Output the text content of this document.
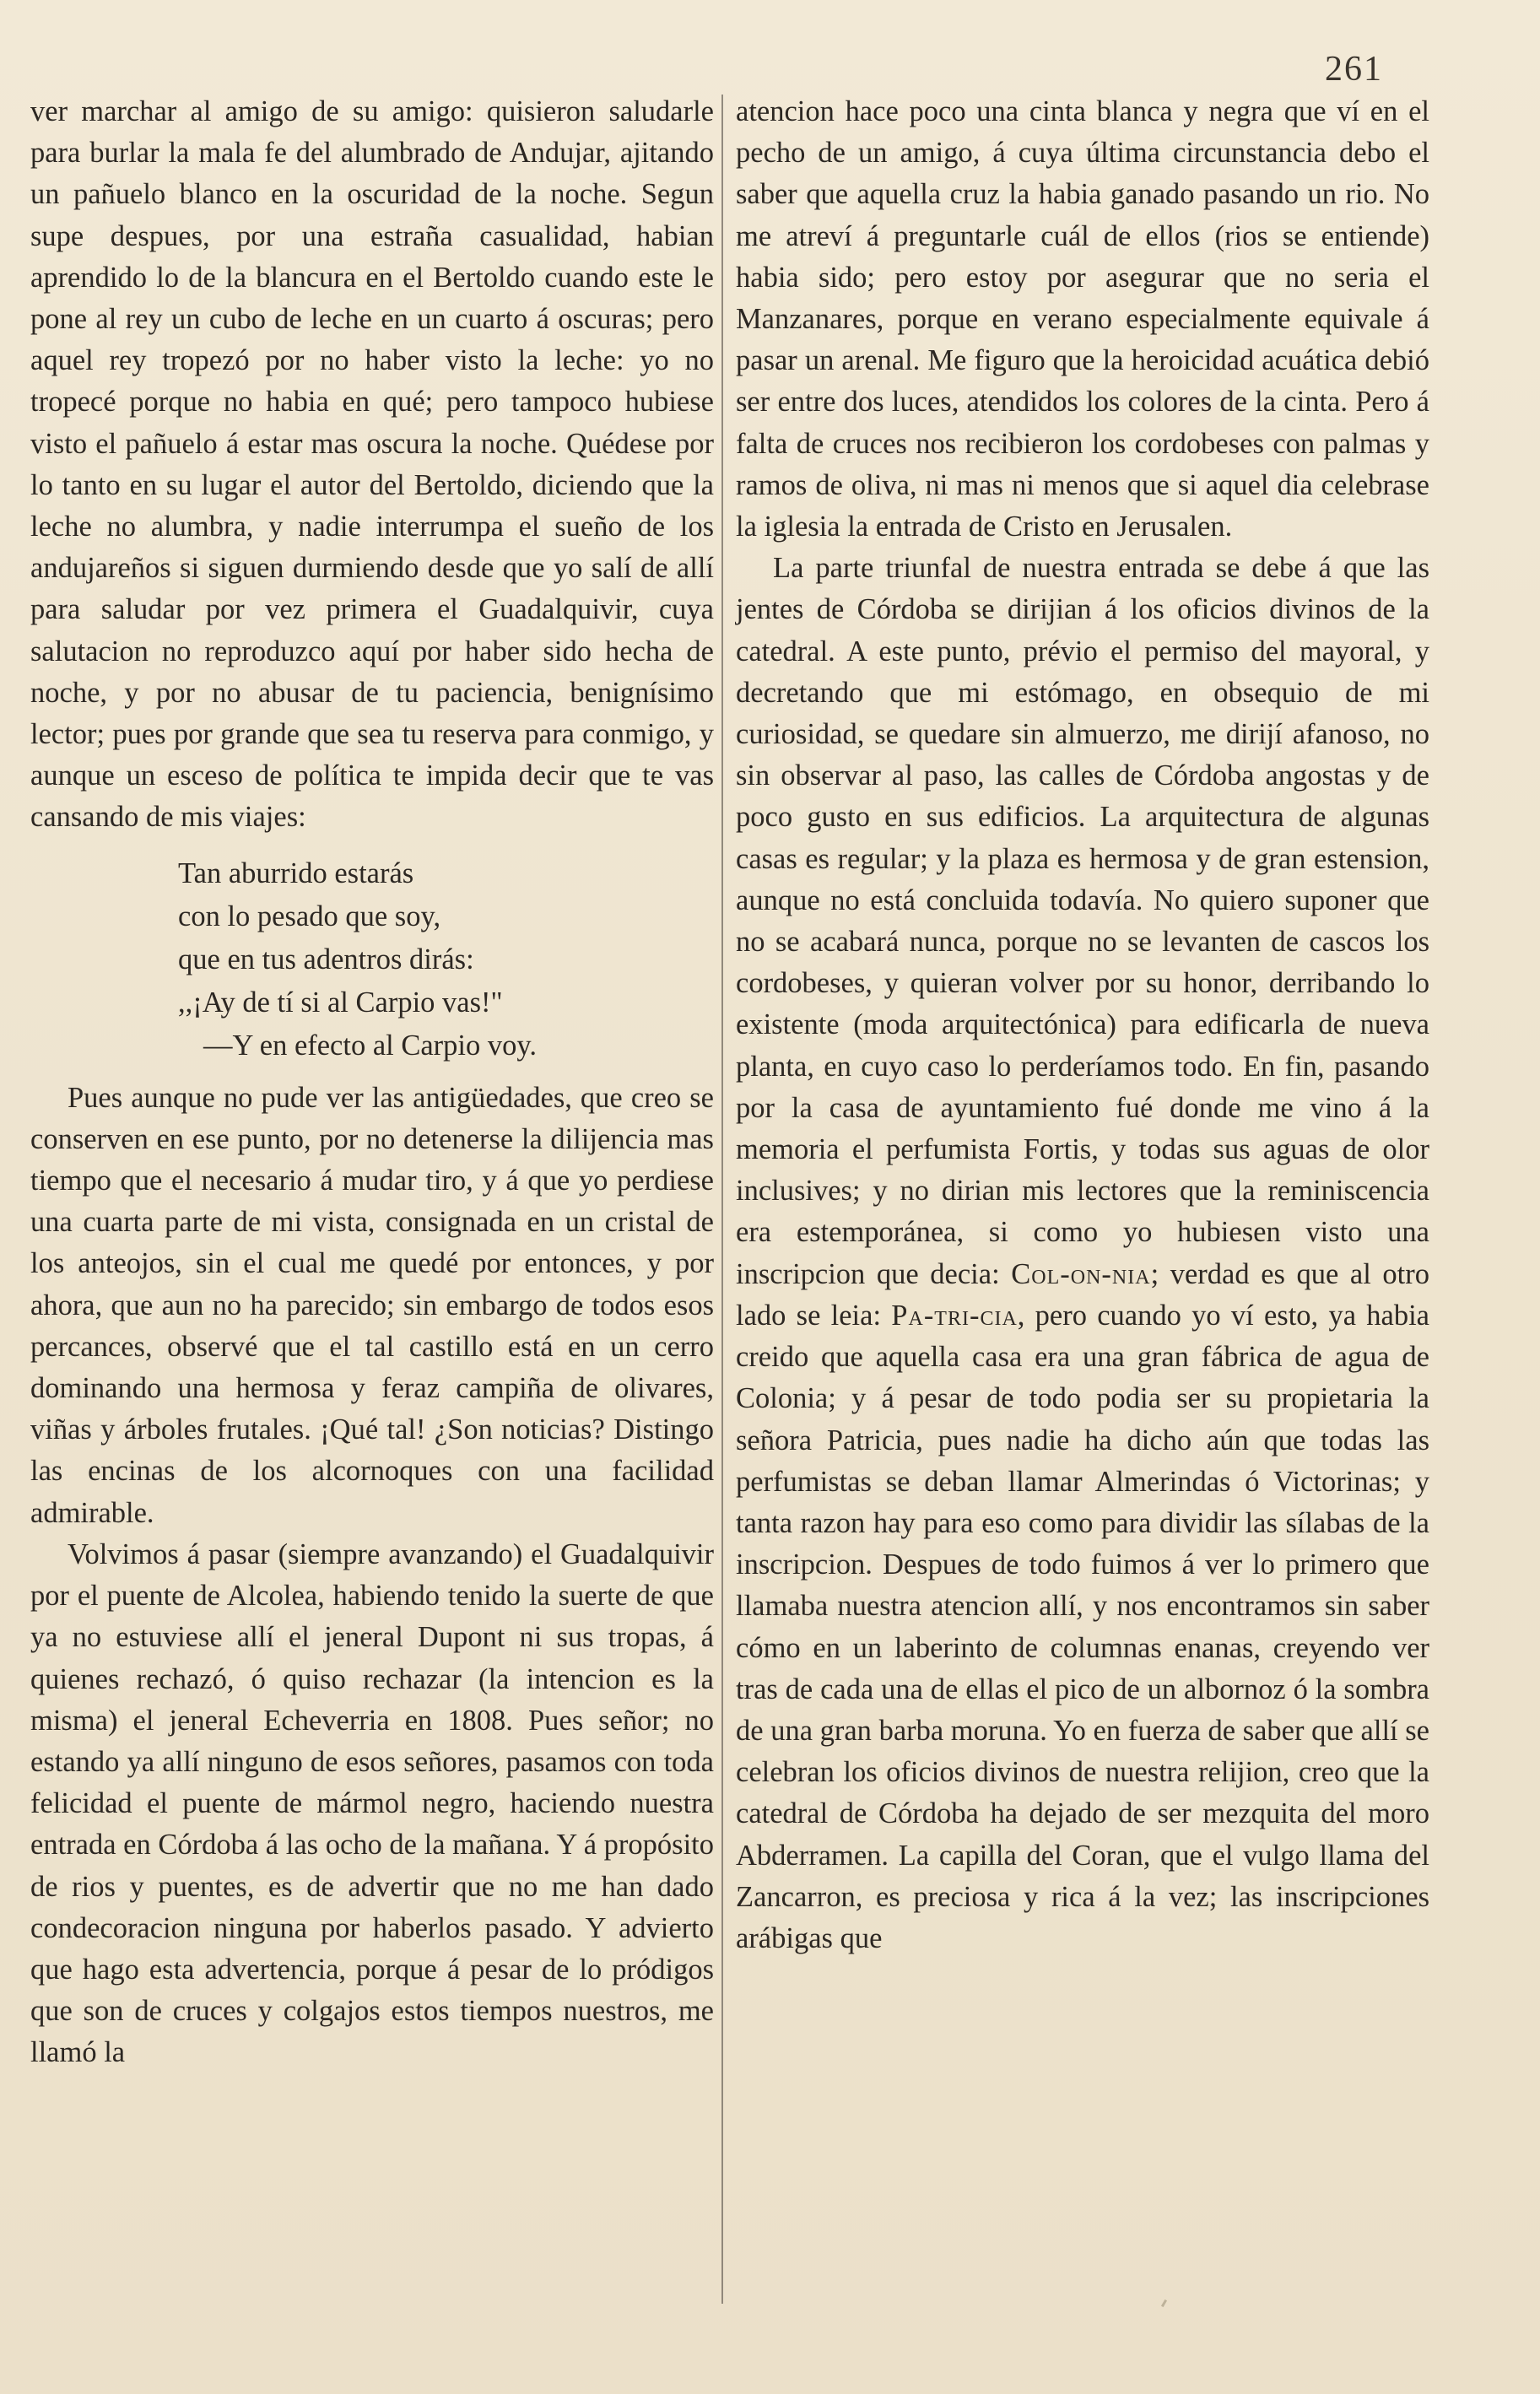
261

ver marchar al amigo de su amigo: quisieron saludarle para burlar la mala fe del alumbrado de Andujar, ajitando un pañuelo blanco en la oscuridad de la noche. Segun supe despues, por una estraña casualidad, habian aprendido lo de la blancura en el Bertoldo cuando este le pone al rey un cubo de leche en un cuarto á oscuras; pero aquel rey tropezó por no haber visto la leche: yo no tropecé porque no habia en qué; pero tampoco hubiese visto el pañuelo á estar mas oscura la noche. Quédese por lo tanto en su lugar el autor del Bertoldo, diciendo que la leche no alumbra, y nadie interrumpa el sueño de los andujareños si siguen durmiendo desde que yo salí de allí para saludar por vez primera el Guadalquivir, cuya salutacion no reproduzco aquí por haber sido hecha de noche, y por no abusar de tu paciencia, benignísimo lector; pues por grande que sea tu reserva para conmigo, y aunque un esceso de política te impida decir que te vas cansando de mis viajes:

Tan aburrido estarás
con lo pesado que soy,
que en tus adentros dirás:
,,¡Ay de tí si al Carpio vas!"
—Y en efecto al Carpio voy.

Pues aunque no pude ver las antigüedades, que creo se conserven en ese punto, por no detenerse la dilijencia mas tiempo que el necesario á mudar tiro, y á que yo perdiese una cuarta parte de mi vista, consignada en un cristal de los anteojos, sin el cual me quedé por entonces, y por ahora, que aun no ha parecido; sin embargo de todos esos percances, observé que el tal castillo está en un cerro dominando una hermosa y feraz campiña de olivares, viñas y árboles frutales. ¡Qué tal! ¿Son noticias? Distingo las encinas de los alcornoques con una facilidad admirable.

Volvimos á pasar (siempre avanzando) el Guadalquivir por el puente de Alcolea, habiendo tenido la suerte de que ya no estuviese allí el jeneral Dupont ni sus tropas, á quienes rechazó, ó quiso rechazar (la intencion es la misma) el jeneral Echeverria en 1808. Pues señor; no estando ya allí ninguno de esos señores, pasamos con toda felicidad el puente de mármol negro, haciendo nuestra entrada en Córdoba á las ocho de la mañana. Y á propósito de rios y puentes, es de advertir que no me han dado condecoracion ninguna por haberlos pasado. Y advierto que hago esta advertencia, porque á pesar de lo pródigos que son de cruces y colgajos estos tiempos nuestros, me llamó la

atencion hace poco una cinta blanca y negra que ví en el pecho de un amigo, á cuya última circunstancia debo el saber que aquella cruz la habia ganado pasando un rio. No me atreví á preguntarle cuál de ellos (rios se entiende) habia sido; pero estoy por asegurar que no seria el Manzanares, porque en verano especialmente equivale á pasar un arenal. Me figuro que la heroicidad acuática debió ser entre dos luces, atendidos los colores de la cinta. Pero á falta de cruces nos recibieron los cordobeses con palmas y ramos de oliva, ni mas ni menos que si aquel dia celebrase la iglesia la entrada de Cristo en Jerusalen.

La parte triunfal de nuestra entrada se debe á que las jentes de Córdoba se dirijian á los oficios divinos de la catedral. A este punto, prévio el permiso del mayoral, y decretando que mi estómago, en obsequio de mi curiosidad, se quedare sin almuerzo, me dirijí afanoso, no sin observar al paso, las calles de Córdoba angostas y de poco gusto en sus edificios. La arquitectura de algunas casas es regular; y la plaza es hermosa y de gran estension, aunque no está concluida todavía. No quiero suponer que no se acabará nunca, porque no se levanten de cascos los cordobeses, y quieran volver por su honor, derribando lo existente (moda arquitectónica) para edificarla de nueva planta, en cuyo caso lo perderíamos todo. En fin, pasando por la casa de ayuntamiento fué donde me vino á la memoria el perfumista Fortis, y todas sus aguas de olor inclusives; y no dirian mis lectores que la reminiscencia era estemporánea, si como yo hubiesen visto una inscripcion que decia: Col-on-nia; verdad es que al otro lado se leia: Pa-tri-cia, pero cuando yo ví esto, ya habia creido que aquella casa era una gran fábrica de agua de Colonia; y á pesar de todo podia ser su propietaria la señora Patricia, pues nadie ha dicho aún que todas las perfumistas se deban llamar Almerindas ó Victorinas; y tanta razon hay para eso como para dividir las sílabas de la inscripcion. Despues de todo fuimos á ver lo primero que llamaba nuestra atencion allí, y nos encontramos sin saber cómo en un laberinto de columnas enanas, creyendo ver tras de cada una de ellas el pico de un albornoz ó la sombra de una gran barba moruna. Yo en fuerza de saber que allí se celebran los oficios divinos de nuestra relijion, creo que la catedral de Córdoba ha dejado de ser mezquita del moro Abderramen. La capilla del Coran, que el vulgo llama del Zancarron, es preciosa y rica á la vez; las inscripciones arábigas que
